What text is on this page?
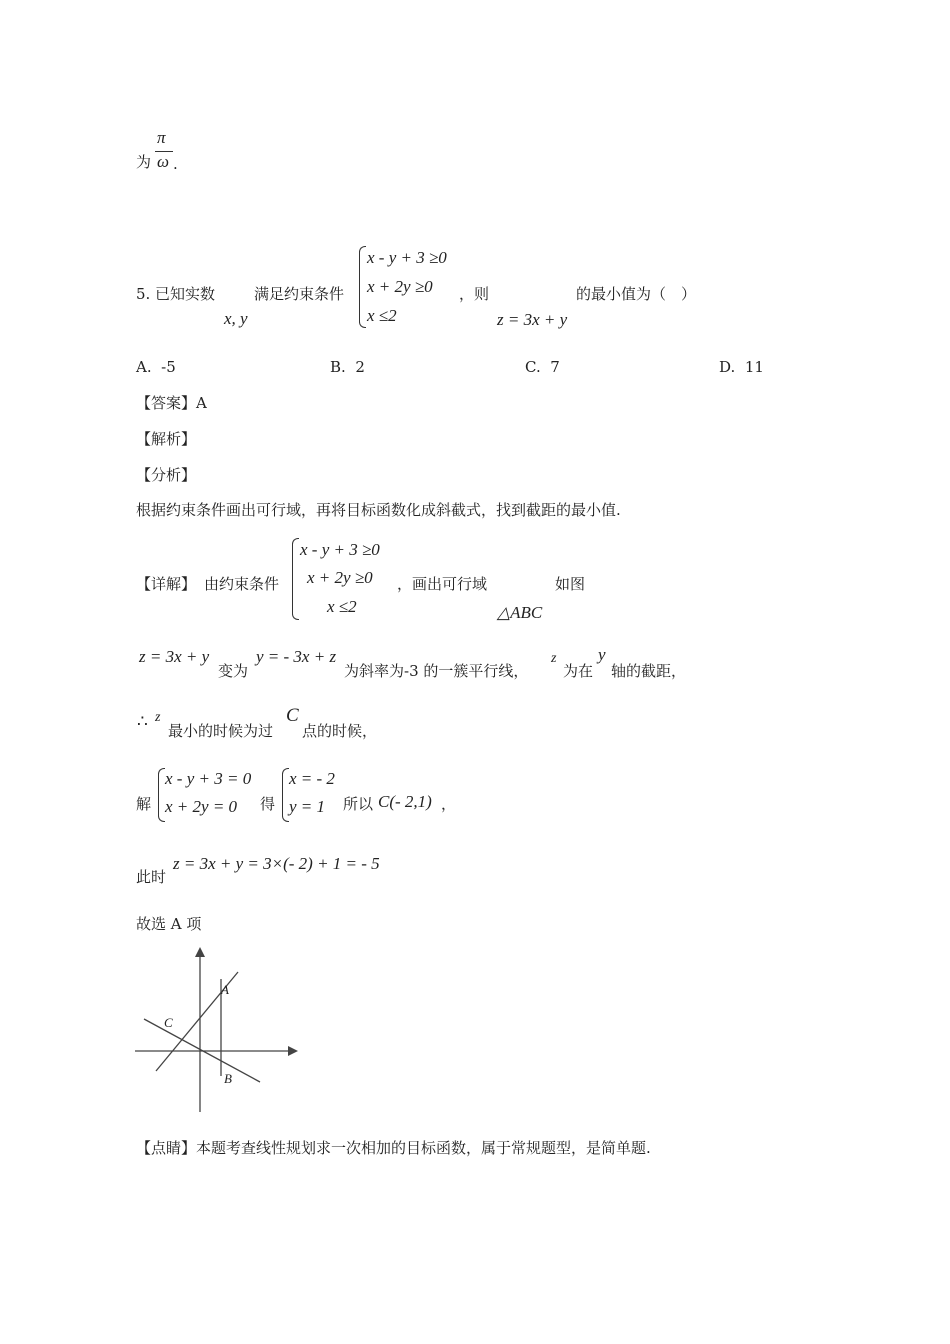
为
π
ω .
5. 已知实数
x, y
满足约束条件
x - y + 3 ≥0
x + 2y ≥0
x ≤2
，则
z = 3x + y
的最小值为（　）
A. -5	B. 2	C. 7	D. 11
【答案】A
【解析】
【分析】
根据约束条件画出可行域，再将目标函数化成斜截式，找到截距的最小值.
【详解】 由约束条件
x - y + 3 ≥0
x + 2y ≥0
x ≤2
，画出可行域
△ABC
如图
z = 3x + y
变为
y = - 3x + z
为斜率为-3 的一簇平行线，
z
为在
y
轴的截距，
∴ z
最小的时候为过
C
点的时候，
解
x - y + 3 = 0
x + 2y = 0 得
x = - 2
y = 1 所以 C(- 2,1) ，
此时
z = 3x + y = 3×(- 2) + 1 = - 5
故选 A 项
A
B
C
【点睛】本题考查线性规划求一次相加的目标函数，属于常规题型，是简单题.
